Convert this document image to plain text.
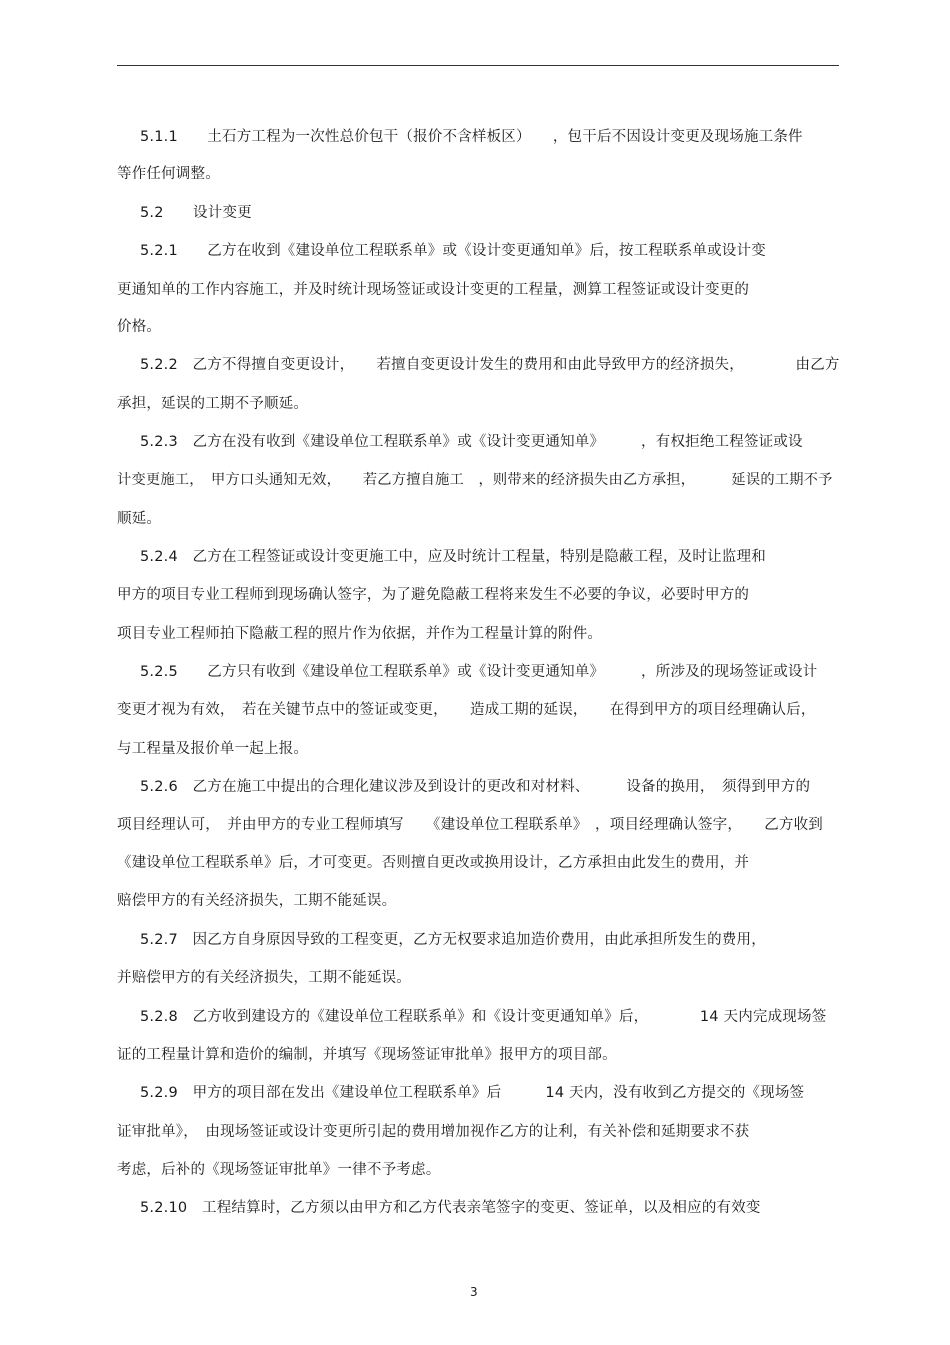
5.1.1　　土石方工程为一次性总价包干（报价不含样板区）　　，包干后不因设计变更及现场施工条件
等作任何调整。
5.2　　设计变更
5.2.1　　乙方在收到《建设单位工程联系单》或《设计变更通知单》后，按工程联系单或设计变
更通知单的工作内容施工，并及时统计现场签证或设计变更的工程量，测算工程签证或设计变更的
价格。
5.2.2　乙方不得擅自变更设计，　　若擅自变更设计发生的费用和由此导致甲方的经济损失，　　　　由乙方
承担，延误的工期不予顺延。
5.2.3　乙方在没有收到《建设单位工程联系单》或《设计变更通知单》　　　，有权拒绝工程签证或设
计变更施工，　甲方口头通知无效，　　若乙方擅自施工　，则带来的经济损失由乙方承担，　　　延误的工期不予
顺延。
5.2.4　乙方在工程签证或设计变更施工中，应及时统计工程量，特别是隐蔽工程，及时让监理和
甲方的项目专业工程师到现场确认签字，为了避免隐蔽工程将来发生不必要的争议，必要时甲方的
项目专业工程师拍下隐蔽工程的照片作为依据，并作为工程量计算的附件。
5.2.5　　乙方只有收到《建设单位工程联系单》或《设计变更通知单》　　　，所涉及的现场签证或设计
变更才视为有效，　若在关键节点中的签证或变更，　　造成工期的延误，　　在得到甲方的项目经理确认后，
与工程量及报价单一起上报。
5.2.6　乙方在施工中提出的合理化建议涉及到设计的更改和对材料、　　　设备的换用，　须得到甲方的
项目经理认可，　并由甲方的专业工程师填写　　《建设单位工程联系单》　，项目经理确认签字，　　乙方收到
《建设单位工程联系单》后，才可变更。否则擅自更改或换用设计，乙方承担由此发生的费用，并
赔偿甲方的有关经济损失，工期不能延误。
5.2.7　因乙方自身原因导致的工程变更，乙方无权要求追加造价费用，由此承担所发生的费用，
并赔偿甲方的有关经济损失，工期不能延误。
5.2.8　乙方收到建设方的《建设单位工程联系单》和《设计变更通知单》后，　　　　14 天内完成现场签
证的工程量计算和造价的编制，并填写《现场签证审批单》报甲方的项目部。
5.2.9　甲方的项目部在发出《建设单位工程联系单》后　　　14 天内，没有收到乙方提交的《现场签
证审批单》，　由现场签证或设计变更所引起的费用增加视作乙方的让利，有关补偿和延期要求不获
考虑，后补的《现场签证审批单》一律不予考虑。
5.2.10　工程结算时，乙方须以由甲方和乙方代表亲笔签字的变更、签证单，以及相应的有效变
3
